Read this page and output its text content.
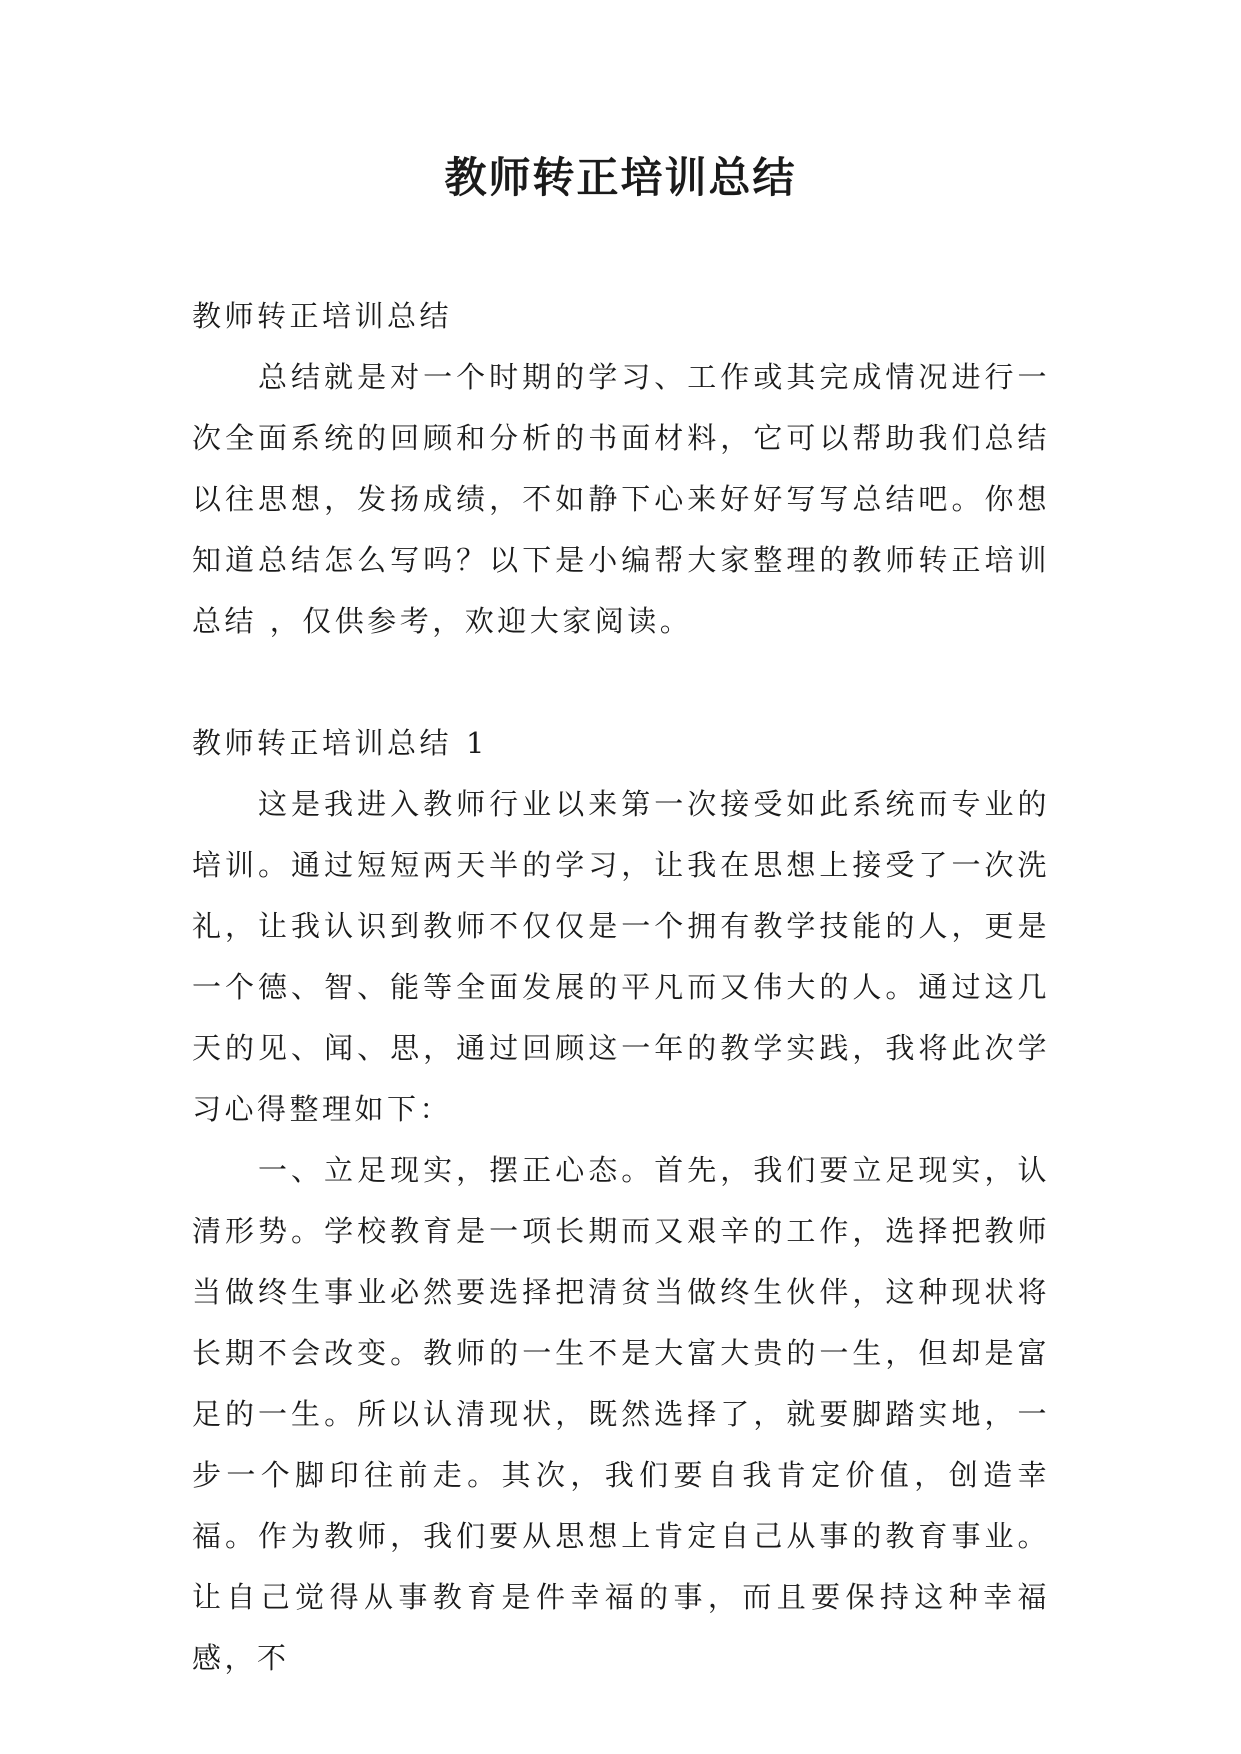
教师转正培训总结

教师转正培训总结

总结就是对一个时期的学习、工作或其完成情况进行一次全面系统的回顾和分析的书面材料，它可以帮助我们总结以往思想，发扬成绩，不如静下心来好好写写总结吧。你想知道总结怎么写吗？以下是小编帮大家整理的教师转正培训总结 ，仅供参考，欢迎大家阅读。

教师转正培训总结 1

这是我进入教师行业以来第一次接受如此系统而专业的培训。通过短短两天半的学习，让我在思想上接受了一次洗礼，让我认识到教师不仅仅是一个拥有教学技能的人，更是一个德、智、能等全面发展的平凡而又伟大的人。通过这几天的见、闻、思，通过回顾这一年的教学实践，我将此次学习心得整理如下：

一、立足现实，摆正心态。首先，我们要立足现实，认清形势。学校教育是一项长期而又艰辛的工作，选择把教师当做终生事业必然要选择把清贫当做终生伙伴，这种现状将长期不会改变。教师的一生不是大富大贵的一生，但却是富足的一生。所以认清现状，既然选择了，就要脚踏实地，一步一个脚印往前走。其次，我们要自我肯定价值，创造幸福。作为教师，我们要从思想上肯定自己从事的教育事业。让自己觉得从事教育是件幸福的事，而且要保持这种幸福感，不
